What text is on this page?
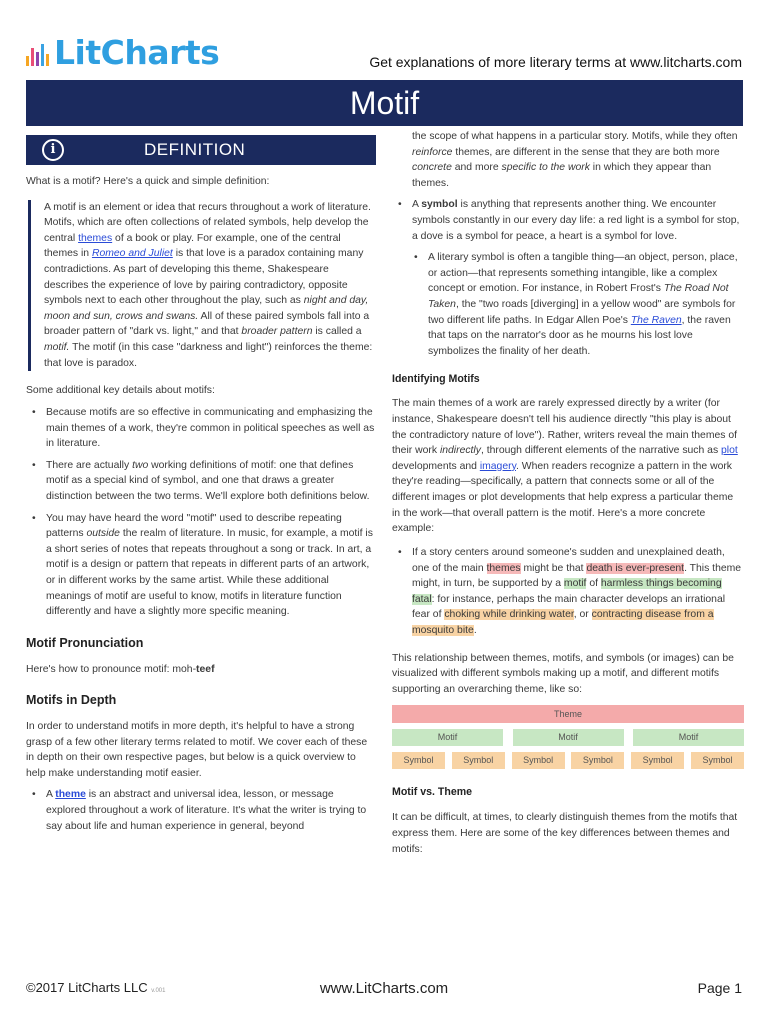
LitCharts	Get explanations of more literary terms at www.litcharts.com
Motif
i	DEFINITION

What is a motif? Here's a quick and simple definition:

A motif is an element or idea that recurs throughout a work of literature. Motifs, which are often collections of related symbols, help develop the central themes of a book or play. For example, one of the central themes in Romeo and Juliet is that love is a paradox containing many contradictions. As part of developing this theme, Shakespeare describes the experience of love by pairing contradictory, opposite symbols next to each other throughout the play, such as night and day, moon and sun, crows and swans. All of these paired symbols fall into a broader pattern of "dark vs. light," and that broader pattern is called a motif. The motif (in this case "darkness and light") reinforces the theme: that love is paradox.

Some additional key details about motifs:

• Because motifs are so effective in communicating and emphasizing the main themes of a work, they're common in political speeches as well as in literature.
• There are actually two working definitions of motif: one that defines motif as a special kind of symbol, and one that draws a greater distinction between the two terms. We'll explore both definitions below.
• You may have heard the word "motif" used to describe repeating patterns outside the realm of literature. In music, for example, a motif is a short series of notes that repeats throughout a song or track. In art, a motif is a design or pattern that repeats in different parts of an artwork, or in different works by the same artist. While these additional meanings of motif are useful to know, motifs in literature function differently and have a slightly more specific meaning.
Motif Pronunciation

Here's how to pronounce motif: moh-teef

Motifs in Depth

In order to understand motifs in more depth, it's helpful to have a strong grasp of a few other literary terms related to motif. We cover each of these in depth on their own respective pages, but below is a quick overview to help make understanding motif easier.

• A theme is an abstract and universal idea, lesson, or message explored throughout a work of literature. It's what the writer is trying to say about life and human experience in general, beyond

the scope of what happens in a particular story. Motifs, while they often reinforce themes, are different in the sense that they are both more concrete and more specific to the work in which they appear than themes.

• A symbol is anything that represents another thing. We encounter symbols constantly in our every day life: a red light is a symbol for stop, a dove is a symbol for peace, a heart is a symbol for love.
• A literary symbol is often a tangible thing—an object, person, place, or action—that represents something intangible, like a complex concept or emotion. For instance, in Robert Frost's The Road Not Taken, the "two roads [diverging] in a yellow wood" are symbols for two different life paths. In Edgar Allen Poe's The Raven, the raven that taps on the narrator's door as he mourns his lost love symbolizes the finality of her death.
Identifying Motifs

The main themes of a work are rarely expressed directly by a writer (for instance, Shakespeare doesn't tell his audience directly "this play is about the contradictory nature of love"). Rather, writers reveal the main themes of their work indirectly, through different elements of the narrative such as plot developments and imagery. When readers recognize a pattern in the work they're reading—specifically, a pattern that connects some or all of the different images or plot developments that help express a particular theme in the work—that overall pattern is the motif. Here's a more concrete example:

• If a story centers around someone's sudden and unexplained death, one of the main themes might be that death is ever-present. This theme might, in turn, be supported by a motif of harmless things becoming fatal: for instance, perhaps the main character develops an irrational fear of choking while drinking water, or contracting disease from a mosquito bite.

This relationship between themes, motifs, and symbols (or images) can be visualized with different symbols making up a motif, and different motifs supporting an overarching theme, like so:

Theme
Motif	Motif	Motif
Symbol	Symbol	Symbol	Symbol	Symbol	Symbol
Motif vs. Theme

It can be difficult, at times, to clearly distinguish themes from the motifs that express them. Here are some of the key differences between themes and motifs:

©2017 LitCharts LLC v.001	www.LitCharts.com	Page 1
